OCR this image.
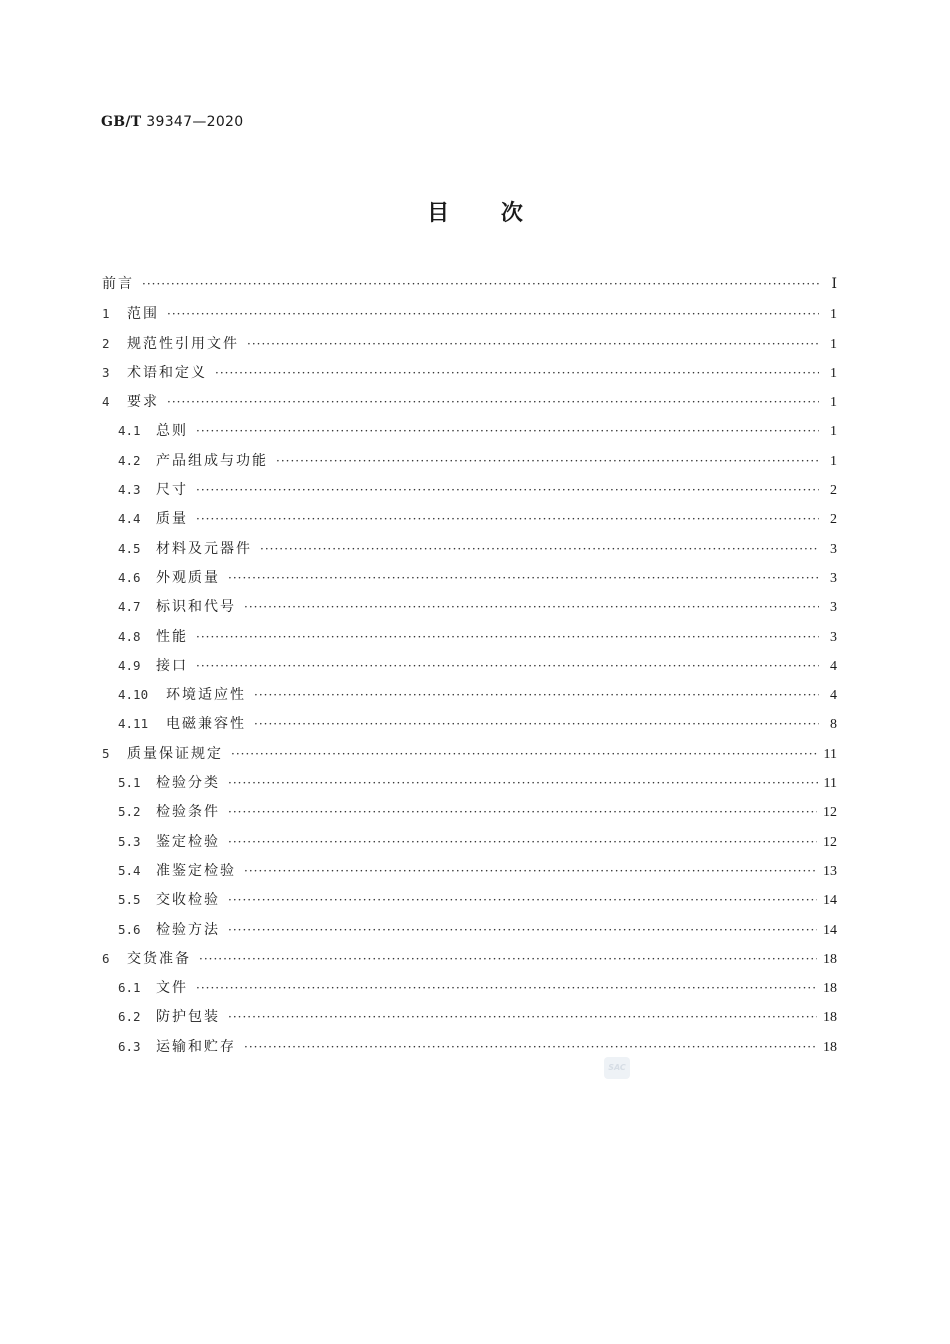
GB/T 39347—2020
目 次
前言 ·····	Ⅰ
1	范围 ·····	1
2	规范性引用文件 ·····	1
3	术语和定义 ·····	1
4	要求 ·····	1
4.1	总则 ·····	1
4.2	产品组成与功能 ·····	1
4.3	尺寸 ·····	2
4.4	质量 ·····	2
4.5	材料及元器件 ·····	3
4.6	外观质量 ·····	3
4.7	标识和代号 ·····	3
4.8	性能 ·····	3
4.9	接口 ·····	4
4.10	环境适应性 ·····	4
4.11	电磁兼容性 ·····	8
5	质量保证规定 ·····	11
5.1	检验分类 ·····	11
5.2	检验条件 ·····	12
5.3	鉴定检验 ·····	12
5.4	准鉴定检验 ·····	13
5.5	交收检验 ·····	14
5.6	检验方法 ·····	14
6	交货准备 ·····	18
6.1	文件 ·····	18
6.2	防护包装 ·····	18
6.3	运输和贮存 ·····	18
SAC
